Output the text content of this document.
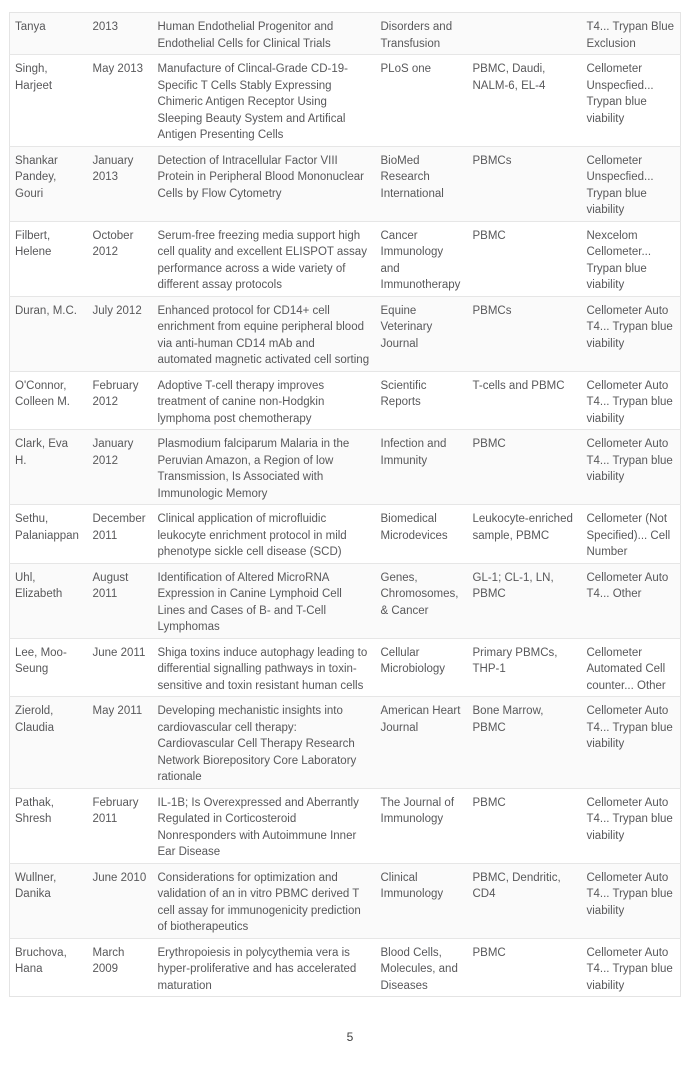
Tanya	2013	Human Endothelial Progenitor and Endothelial Cells for Clinical Trials	Disorders and Transfusion		T4... Trypan Blue Exclusion
Singh, Harjeet	May 2013	Manufacture of Clincal-Grade CD-19-Specific T Cells Stably Expressing Chimeric Antigen Receptor Using Sleeping Beauty System and Artifical Antigen Presenting Cells	PLoS one	PBMC, Daudi, NALM-6, EL-4	Cellometer Unspecfied... Trypan blue viability
Shankar Pandey, Gouri	January 2013	Detection of Intracellular Factor VIII Protein in Peripheral Blood Mononuclear Cells by Flow Cytometry	BioMed Research International	PBMCs	Cellometer Unspecfied... Trypan blue viability
Filbert, Helene	October 2012	Serum-free freezing media support high cell quality and excellent ELISPOT assay performance across a wide variety of different assay protocols	Cancer Immunology and Immunotherapy	PBMC	Nexcelom Cellometer... Trypan blue viability
Duran, M.C.	July 2012	Enhanced protocol for CD14+ cell enrichment from equine peripheral blood via anti-human CD14 mAb and automated magnetic activated cell sorting	Equine Veterinary Journal	PBMCs	Cellometer Auto T4... Trypan blue viability
O'Connor, Colleen M.	February 2012	Adoptive T-cell therapy improves treatment of canine non-Hodgkin lymphoma post chemotherapy	Scientific Reports	T-cells and PBMC	Cellometer Auto T4... Trypan blue viability
Clark, Eva H.	January 2012	Plasmodium falciparum Malaria in the Peruvian Amazon, a Region of low Transmission, Is Associated with Immunologic Memory	Infection and Immunity	PBMC	Cellometer Auto T4... Trypan blue viability
Sethu, Palaniappan	December 2011	Clinical application of microfluidic leukocyte enrichment protocol in mild phenotype sickle cell disease (SCD)	Biomedical Microdevices	Leukocyte-enriched sample, PBMC	Cellometer (Not Specified)... Cell Number
Uhl, Elizabeth	August 2011	Identification of Altered MicroRNA Expression in Canine Lymphoid Cell Lines and Cases of B- and T-Cell Lymphomas	Genes, Chromosomes, & Cancer	GL-1; CL-1, LN, PBMC	Cellometer Auto T4... Other
Lee, Moo-Seung	June 2011	Shiga toxins induce autophagy leading to differential signalling pathways in toxin-sensitive and toxin resistant human cells	Cellular Microbiology	Primary PBMCs, THP-1	Cellometer Automated Cell counter... Other
Zierold, Claudia	May 2011	Developing mechanistic insights into cardiovascular cell therapy: Cardiovascular Cell Therapy Research Network Biorepository Core Laboratory rationale	American Heart Journal	Bone Marrow, PBMC	Cellometer Auto T4... Trypan blue viability
Pathak, Shresh	February 2011	IL-1B; Is Overexpressed and Aberrantly Regulated in Corticosteroid Nonresponders with Autoimmune Inner Ear Disease	The Journal of Immunology	PBMC	Cellometer Auto T4... Trypan blue viability
Wullner, Danika	June 2010	Considerations for optimization and validation of an in vitro PBMC derived T cell assay for immunogenicity prediction of biotherapeutics	Clinical Immunology	PBMC, Dendritic, CD4	Cellometer Auto T4... Trypan blue viability
Bruchova, Hana	March 2009	Erythropoiesis in polycythemia vera is hyper-proliferative and has accelerated maturation	Blood Cells, Molecules, and Diseases	PBMC	Cellometer Auto T4... Trypan blue viability
5
